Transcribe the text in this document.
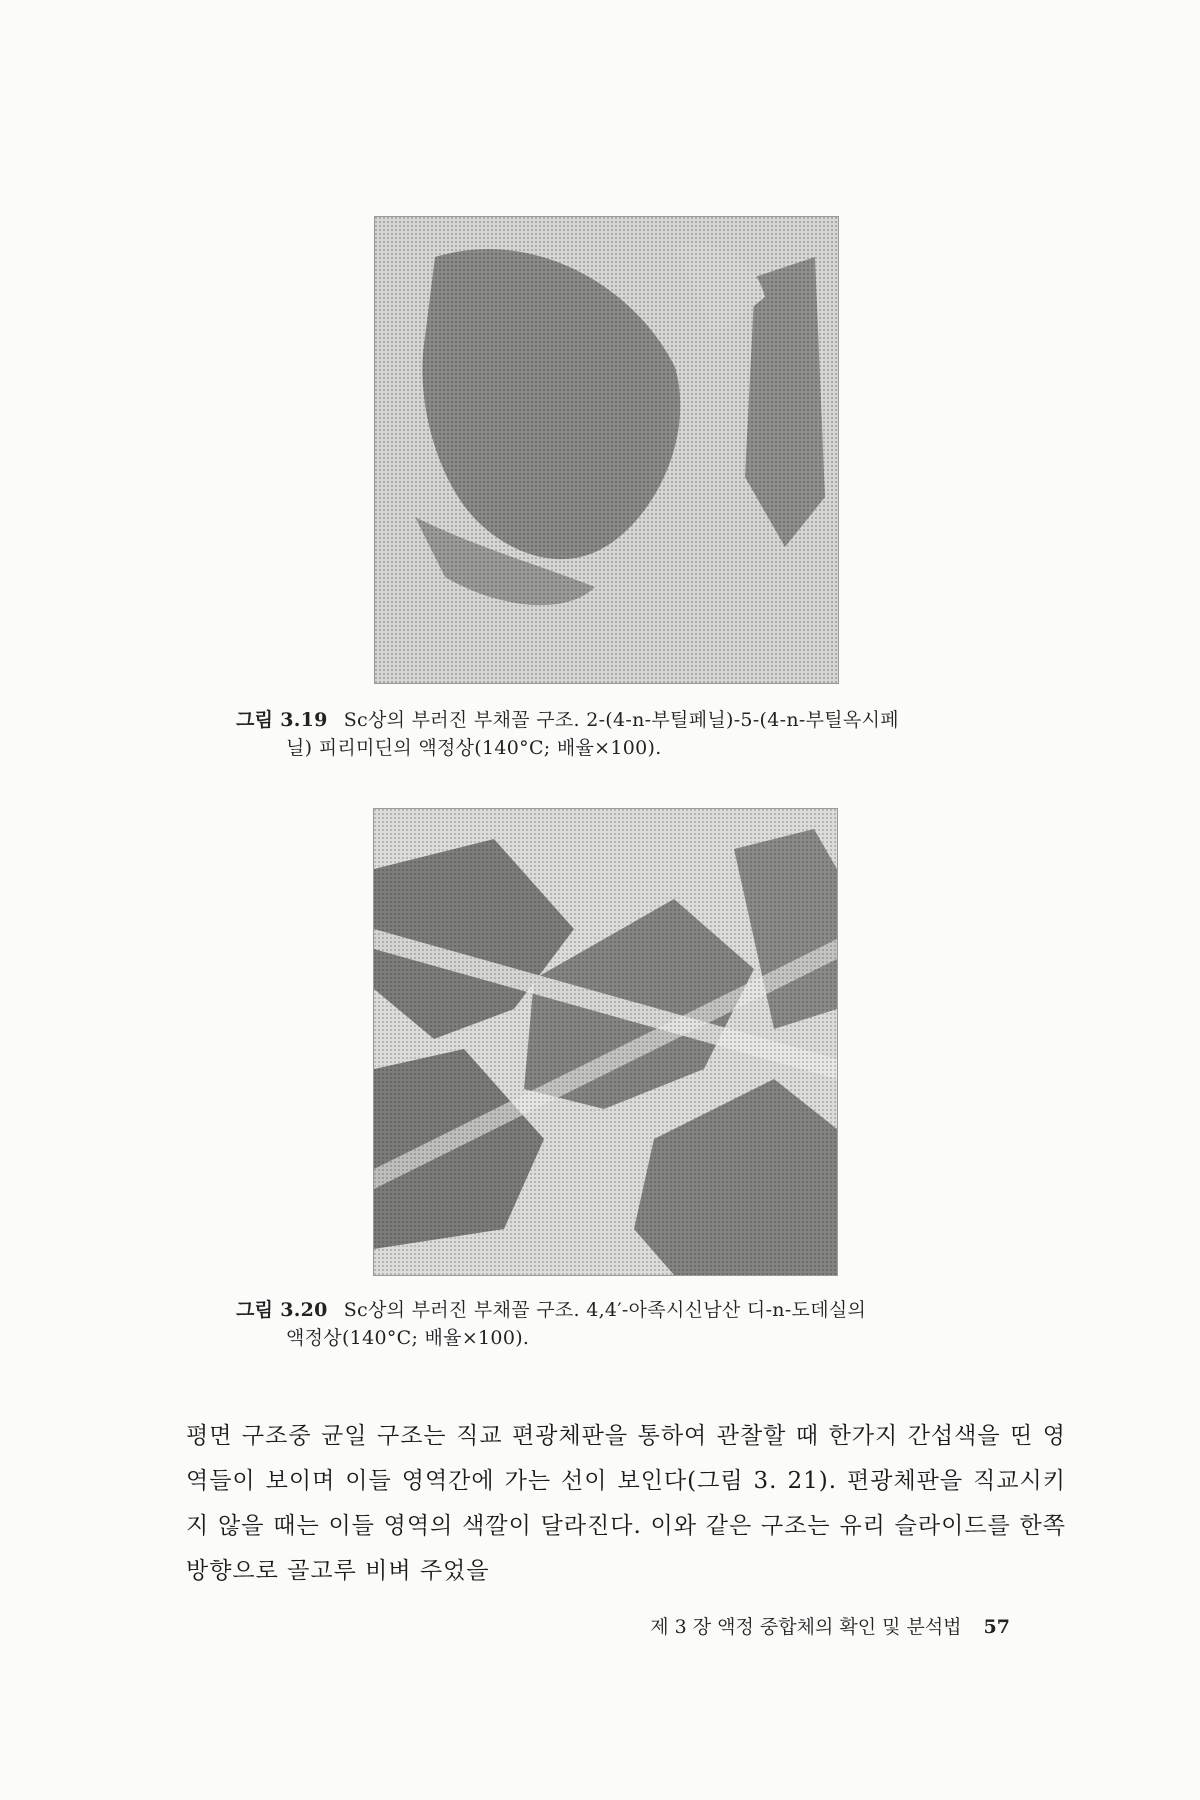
그림 3.19 Sc상의 부러진 부채꼴 구조. 2-(4-n-부틸페닐)-5-(4-n-부틸옥시페
닐) 피리미딘의 액정상(140°C; 배율×100).
그림 3.20 Sc상의 부러진 부채꼴 구조. 4,4′-아족시신남산 디-n-도데실의
액정상(140°C; 배율×100).

평면 구조중 균일 구조는 직교 편광체판을 통하여 관찰할 때 한가지 간섭색을 띤 영역들이 보이며 이들 영역간에 가는 선이 보인다(그림 3. 21). 편광체판을 직교시키지 않을 때는 이들 영역의 색깔이 달라진다. 이와 같은 구조는 유리 슬라이드를 한쪽 방향으로 골고루 비벼 주었을

제 3 장 액정 중합체의 확인 및 분석법 57
